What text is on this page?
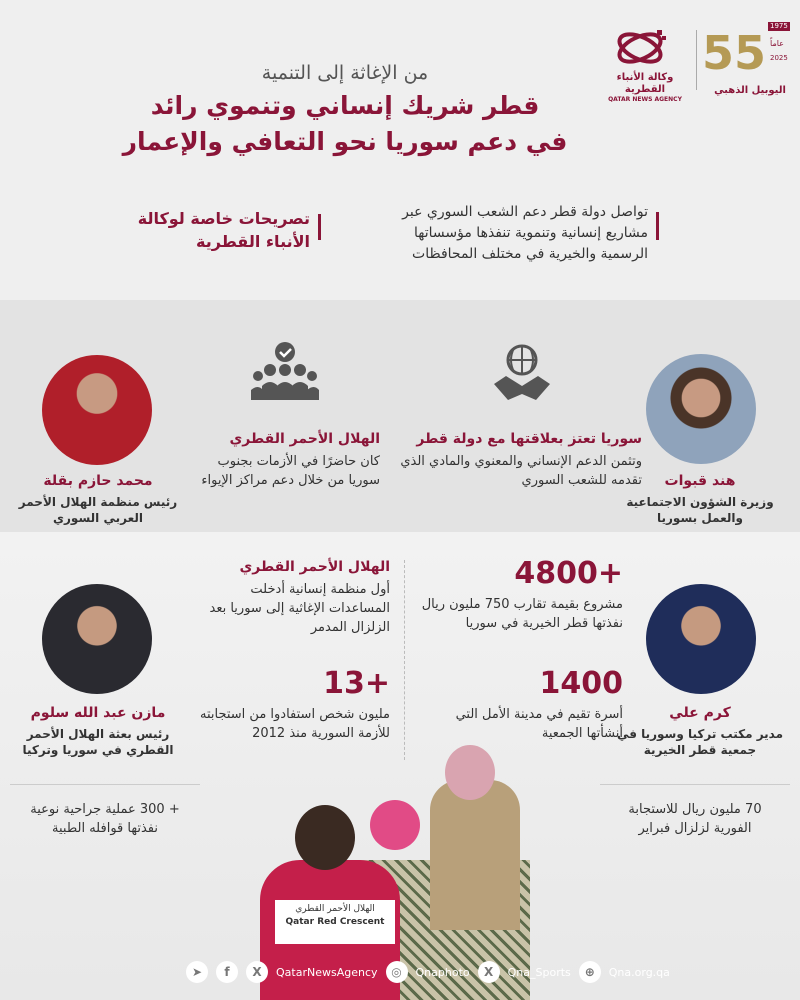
وكالة الأنباء القطرية
QATAR NEWS AGENCY
55 1975
عاماً
2025
اليوبيل الذهبي
من الإغاثة إلى التنمية
قطر شريك إنساني وتنموي رائد
في دعم سوريا نحو التعافي والإعمار
تواصل دولة قطر دعم الشعب السوري عبر مشاريع إنسانية وتنموية تنفذها مؤسساتها الرسمية والخيرية في مختلف المحافظات
تصريحات خاصة لوكالة الأنباء القطرية
هند قبوات
وزيرة الشؤون الاجتماعية والعمل بسوريا
محمد حازم بقلة
رئيس منظمة الهلال الأحمر العربي السوري
سوريا تعتز بعلاقتها مع دولة قطر
وتثمن الدعم الإنساني والمعنوي والمادي الذي تقدمه للشعب السوري
الهلال الأحمر القطري
كان حاضرًا في الأزمات بجنوب سوريا من خلال دعم مراكز الإيواء
كرم علي
مدير مكتب تركيا وسوريا في جمعية قطر الخيرية
مازن عبد الله سلوم
رئيس بعثة الهلال الأحمر القطري في سوريا وتركيا
4800+
مشروع بقيمة تقارب 750 مليون ريال نفذتها قطر الخيرية في سوريا
1400
أسرة تقيم في مدينة الأمل التي أنشأتها الجمعية
الهلال الأحمر القطري
أول منظمة إنسانية أدخلت المساعدات الإغاثية إلى سوريا بعد الزلزال المدمر
13+
مليون شخص استفادوا من استجابته للأزمة السورية منذ 2012
70 مليون ريال للاستجابة الفورية لزلزال فبراير
+ 300 عملية جراحية نوعية نفذتها قوافله الطبية
الهلال الأحمر القطري
Qatar Red Crescent
➤	f	X	QatarNewsAgency	◎	Qnaphoto	X	Qna_Sports	⊕	Qna.org.qa
